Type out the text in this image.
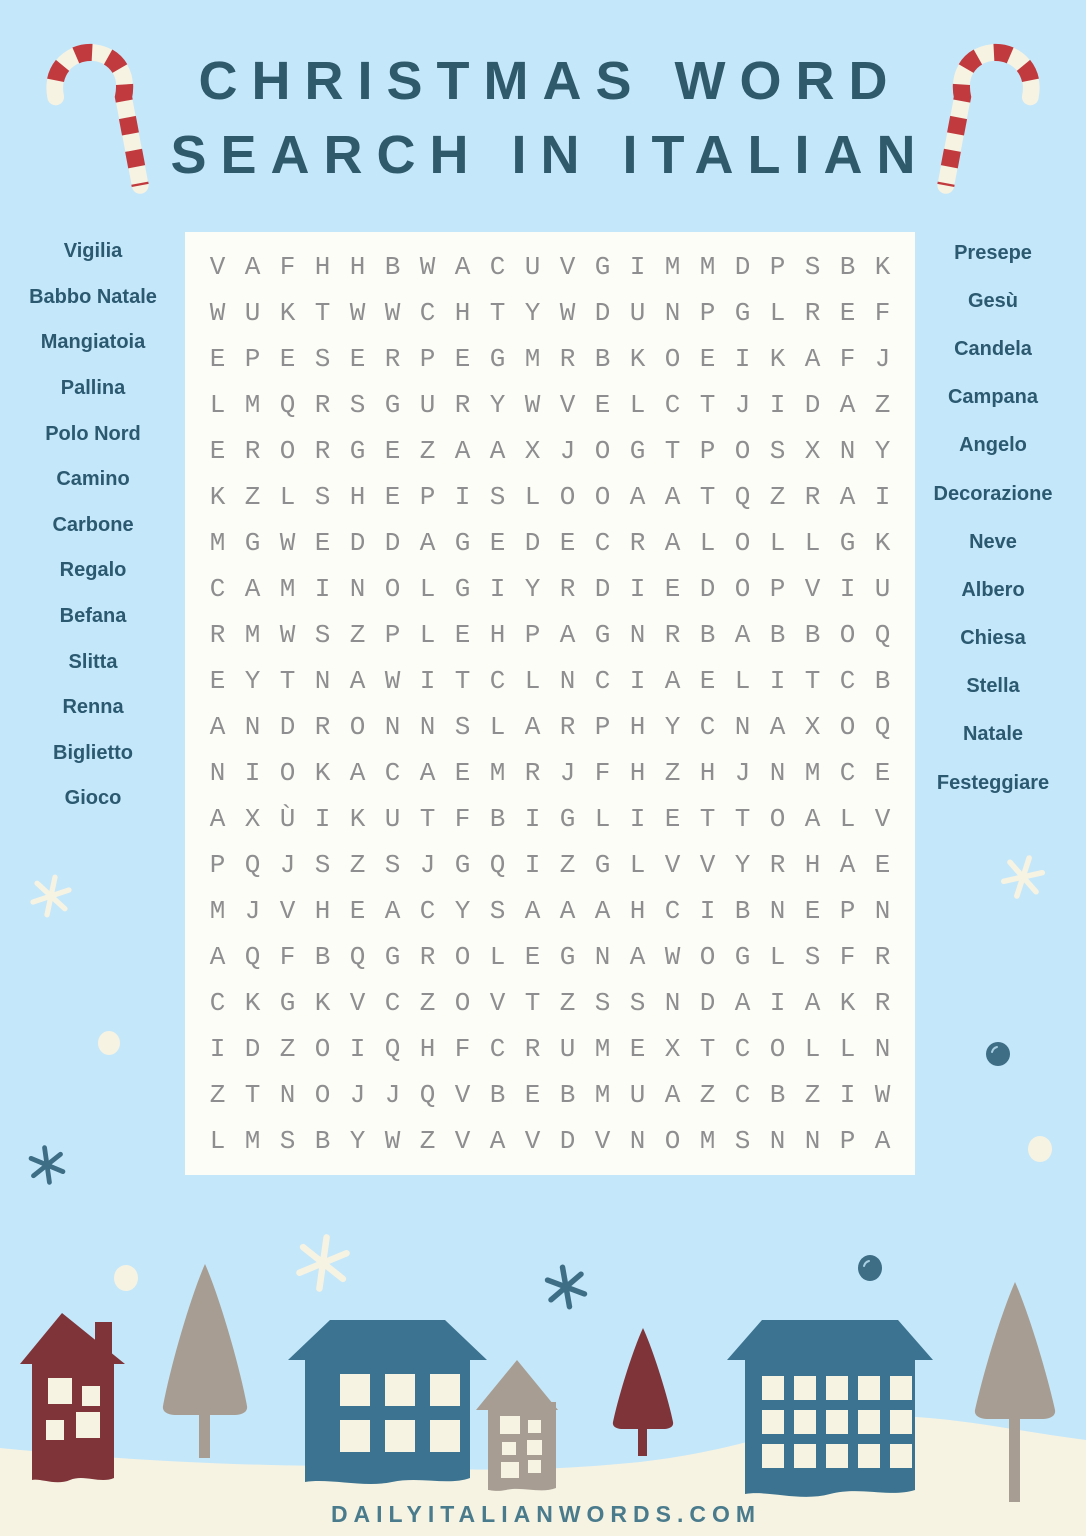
CHRISTMAS WORD
SEARCH IN ITALIAN
Vigilia
Babbo Natale
Mangiatoia
Pallina
Polo Nord
Camino
Carbone
Regalo
Befana
Slitta
Renna
Biglietto
Gioco
Presepe
Gesù
Candela
Campana
Angelo
Decorazione
Neve
Albero
Chiesa
Stella
Natale
Festeggiare
V A F H H B W A C U V G I M M D P S B K
W U K T W W C H T Y W D U N P G L R E F
E P E S E R P E G M R B K O E I K A F J
L M Q R S G U R Y W V E L C T J I D A Z
E R O R G E Z A A X J O G T P O S X N Y
K Z L S H E P I S L O O A A T Q Z R A I
M G W E D D A G E D E C R A L O L L G K
C A M I N O L G I Y R D I E D O P V I U
R M W S Z P L E H P A G N R B A B B O Q
E Y T N A W I T C L N C I A E L I T C B
A N D R O N N S L A R P H Y C N A X O Q
N I O K A C A E M R J F H Z H J N M C E
A X Ù I K U T F B I G L I E T T O A L V
P Q J S Z S J G Q I Z G L V V Y R H A E
M J V H E A C Y S A A A H C I B N E P N
A Q F B Q G R O L E G N A W O G L S F R
C K G K V C Z O V T Z S S N D A I A K R
I D Z O I Q H F C R U M E X T C O L L N
Z T N O J J Q V B E B M U A Z C B Z I W
L M S B Y W Z V A V D V N O M S N N P A
DAILYITALIANWORDS.COM
